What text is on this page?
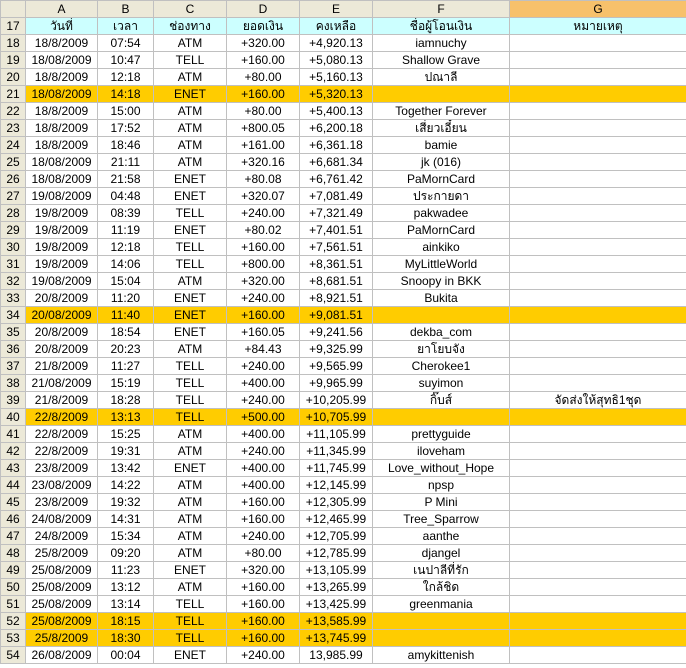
	A	B	C	D	E	F	G
17	วันที่	เวลา	ช่องทาง	ยอดเงิน	คงเหลือ	ชื่อผู้โอนเงิน	หมายเหตุ
18	18/8/2009	07:54	ATM	+320.00	+4,920.13	iamnuchy	
19	18/08/2009	10:47	TELL	+160.00	+5,080.13	Shallow Grave	
20	18/8/2009	12:18	ATM	+80.00	+5,160.13	ปณาลี	
21	18/08/2009	14:18	ENET	+160.00	+5,320.13		
22	18/8/2009	15:00	ATM	+80.00	+5,400.13	Together Forever	
23	18/8/2009	17:52	ATM	+800.05	+6,200.18	เสี่ยวเอี๋ยน	
24	18/8/2009	18:46	ATM	+161.00	+6,361.18	bamie	
25	18/08/2009	21:11	ATM	+320.16	+6,681.34	jk (016)	
26	18/08/2009	21:58	ENET	+80.08	+6,761.42	PaMornCard	
27	19/08/2009	04:48	ENET	+320.07	+7,081.49	ประกายดา	
28	19/8/2009	08:39	TELL	+240.00	+7,321.49	pakwadee	
29	19/8/2009	11:19	ENET	+80.02	+7,401.51	PaMornCard	
30	19/8/2009	12:18	TELL	+160.00	+7,561.51	ainkiko	
31	19/8/2009	14:06	TELL	+800.00	+8,361.51	MyLittleWorld	
32	19/08/2009	15:04	ATM	+320.00	+8,681.51	Snoopy in BKK	
33	20/8/2009	11:20	ENET	+240.00	+8,921.51	Bukita	
34	20/08/2009	11:40	ENET	+160.00	+9,081.51		
35	20/8/2009	18:54	ENET	+160.05	+9,241.56	dekba_com	
36	20/8/2009	20:23	ATM	+84.43	+9,325.99	ยาโยบจัง	
37	21/8/2009	11:27	TELL	+240.00	+9,565.99	Cherokee1	
38	21/08/2009	15:19	TELL	+400.00	+9,965.99	suyimon	
39	21/8/2009	18:28	TELL	+240.00	+10,205.99	กิ๊บส์	จัดส่งให้สุทธิ1ชุด
40	22/8/2009	13:13	TELL	+500.00	+10,705.99		
41	22/8/2009	15:25	ATM	+400.00	+11,105.99	prettyguide	
42	22/8/2009	19:31	ATM	+240.00	+11,345.99	iloveham	
43	23/8/2009	13:42	ENET	+400.00	+11,745.99	Love_without_Hope	
44	23/08/2009	14:22	ATM	+400.00	+12,145.99	npsp	
45	23/8/2009	19:32	ATM	+160.00	+12,305.99	P Mini	
46	24/08/2009	14:31	ATM	+160.00	+12,465.99	Tree_Sparrow	
47	24/8/2009	15:34	ATM	+240.00	+12,705.99	aanthe	
48	25/8/2009	09:20	ATM	+80.00	+12,785.99	djangel	
49	25/08/2009	11:23	ENET	+320.00	+13,105.99	เนปาลีที่รัก	
50	25/08/2009	13:12	ATM	+160.00	+13,265.99	ใกล้ชิด	
51	25/08/2009	13:14	TELL	+160.00	+13,425.99	greenmania	
52	25/08/2009	18:15	TELL	+160.00	+13,585.99		
53	25/8/2009	18:30	TELL	+160.00	+13,745.99		
54	26/08/2009	00:04	ENET	+240.00	13,985.99	amykittenish	
